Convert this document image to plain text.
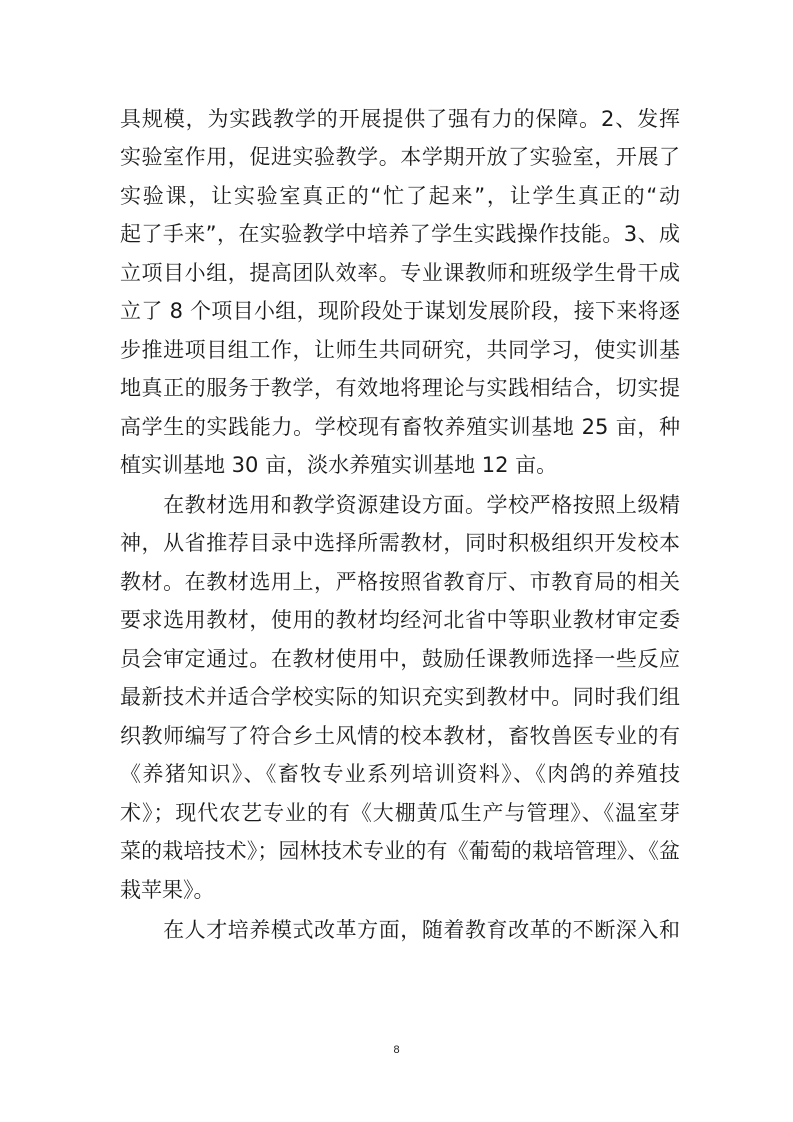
具规模，为实践教学的开展提供了强有力的保障。2、发挥
实验室作用，促进实验教学。本学期开放了实验室，开展了
实验课，让实验室真正的“忙了起来”，让学生真正的“动
起了手来”，在实验教学中培养了学生实践操作技能。3、成
立项目小组，提高团队效率。专业课教师和班级学生骨干成
立了 8 个项目小组，现阶段处于谋划发展阶段，接下来将逐
步推进项目组工作，让师生共同研究，共同学习，使实训基
地真正的服务于教学，有效地将理论与实践相结合，切实提
高学生的实践能力。学校现有畜牧养殖实训基地 25 亩，种
植实训基地 30 亩，淡水养殖实训基地 12 亩。
　　在教材选用和教学资源建设方面。学校严格按照上级精
神，从省推荐目录中选择所需教材，同时积极组织开发校本
教材。在教材选用上，严格按照省教育厅、市教育局的相关
要求选用教材，使用的教材均经河北省中等职业教材审定委
员会审定通过。在教材使用中，鼓励任课教师选择一些反应
最新技术并适合学校实际的知识充实到教材中。同时我们组
织教师编写了符合乡土风情的校本教材，畜牧兽医专业的有
《养猪知识》、《畜牧专业系列培训资料》、《肉鸽的养殖技
术》；现代农艺专业的有《大棚黄瓜生产与管理》、《温室芽
菜的栽培技术》；园林技术专业的有《葡萄的栽培管理》、《盆
栽苹果》。
　　在人才培养模式改革方面，随着教育改革的不断深入和
8
